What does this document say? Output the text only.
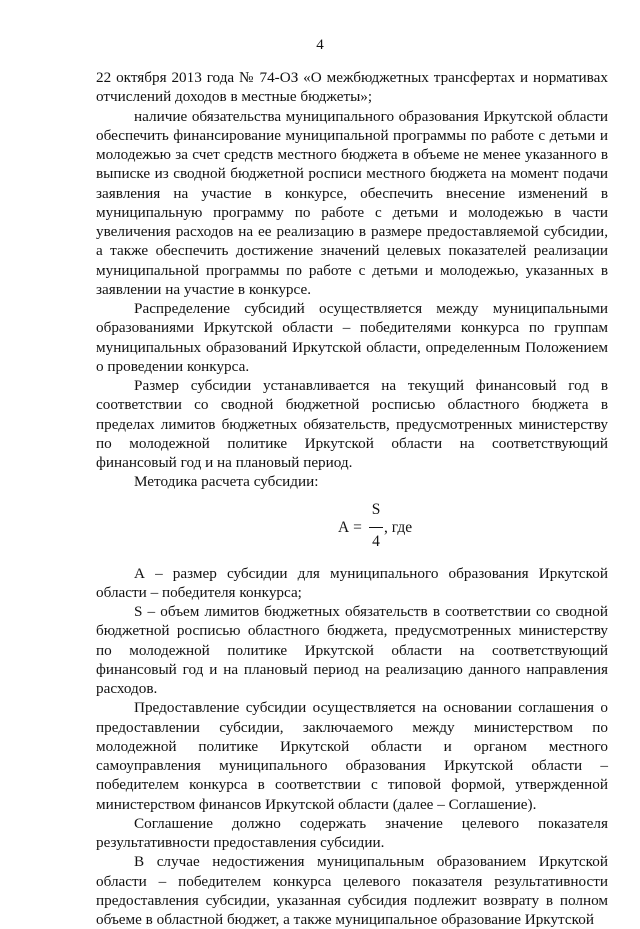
4

22 октября 2013 года № 74-ОЗ «О межбюджетных трансфертах и нормативах отчислений доходов в местные бюджеты»;

наличие обязательства муниципального образования Иркутской области обеспечить финансирование муниципальной программы по работе с детьми и молодежью за счет средств местного бюджета в объеме не менее указанного в выписке из сводной бюджетной росписи местного бюджета на момент подачи заявления на участие в конкурсе, обеспечить внесение изменений в муниципальную программу по работе с детьми и молодежью в части увеличения расходов на ее реализацию в размере предоставляемой субсидии, а также обеспечить достижение значений целевых показателей реализации муниципальной программы по работе с детьми и молодежью, указанных в заявлении на участие в конкурсе.

Распределение субсидий осуществляется между муниципальными образованиями Иркутской области – победителями конкурса по группам муниципальных образований Иркутской области, определенным Положением о проведении конкурса.

Размер субсидии устанавливается на текущий финансовый год в соответствии со сводной бюджетной росписью областного бюджета в пределах лимитов бюджетных обязательств, предусмотренных министерству по молодежной политике Иркутской области на соответствующий финансовый год и на плановый период.

Методика расчета субсидии:

А =
S
4
, где

А – размер субсидии для муниципального образования Иркутской области – победителя конкурса;

S – объем лимитов бюджетных обязательств в соответствии со сводной бюджетной росписью областного бюджета, предусмотренных министерству по молодежной политике Иркутской области на соответствующий финансовый год и на плановый период на реализацию данного направления расходов.

Предоставление субсидии осуществляется на основании соглашения о предоставлении субсидии, заключаемого между министерством по молодежной политике Иркутской области и органом местного самоуправления муниципального образования Иркутской области – победителем конкурса в соответствии с типовой формой, утвержденной министерством финансов Иркутской области (далее – Соглашение).

Соглашение должно содержать значение целевого показателя результативности предоставления субсидии.

В случае недостижения муниципальным образованием Иркутской области – победителем конкурса целевого показателя результативности предоставления субсидии, указанная субсидия подлежит возврату в полном объеме в областной бюджет, а также муниципальное образование Иркутской
